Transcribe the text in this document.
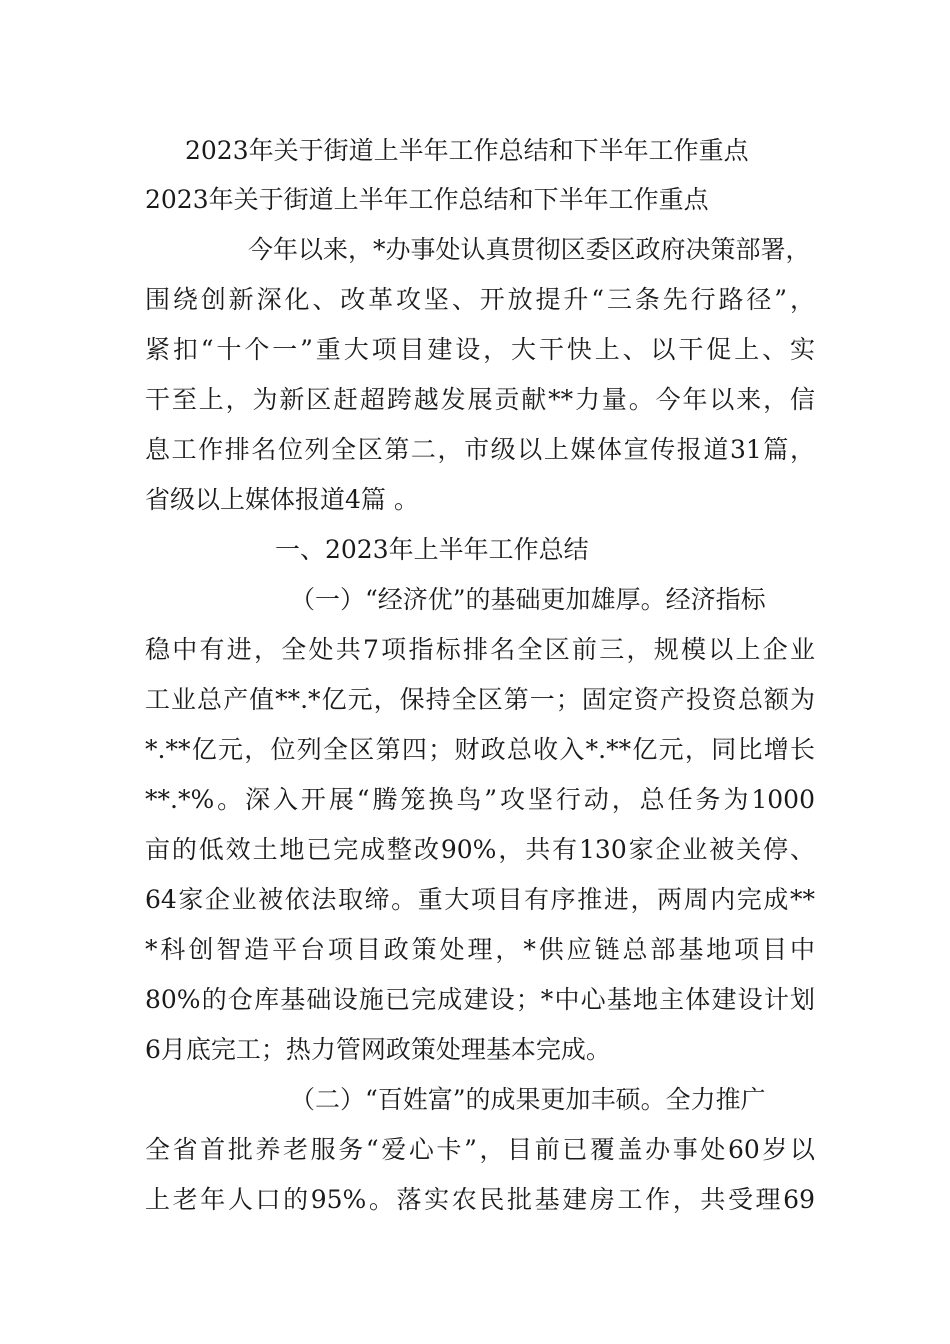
2023年关于街道上半年工作总结和下半年工作重点
2023年关于街道上半年工作总结和下半年工作重点
今年以来，*办事处认真贯彻区委区政府决策部署，
围绕创新深化、改革攻坚、开放提升“三条先行路径”，
紧扣“十个一”重大项目建设，大干快上、以干促上、实
干至上，为新区赶超跨越发展贡献**力量。今年以来，信
息工作排名位列全区第二，市级以上媒体宣传报道31篇，
省级以上媒体报道4篇 。
一、2023年上半年工作总结
（一）“经济优”的基础更加雄厚。经济指标
稳中有进，全处共7项指标排名全区前三，规模以上企业
工业总产值**.*亿元，保持全区第一；固定资产投资总额为
*.**亿元，位列全区第四；财政总收入*.**亿元，同比增长
**.*%。深入开展“腾笼换鸟”攻坚行动，总任务为1000
亩的低效土地已完成整改90%，共有130家企业被关停、
64家企业被依法取缔。重大项目有序推进，两周内完成**
*科创智造平台项目政策处理，*供应链总部基地项目中
80%的仓库基础设施已完成建设；*中心基地主体建设计划
6月底完工；热力管网政策处理基本完成。
（二）“百姓富”的成果更加丰硕。全力推广
全省首批养老服务“爱心卡”，目前已覆盖办事处60岁以
上老年人口的95%。落实农民批基建房工作，共受理69
